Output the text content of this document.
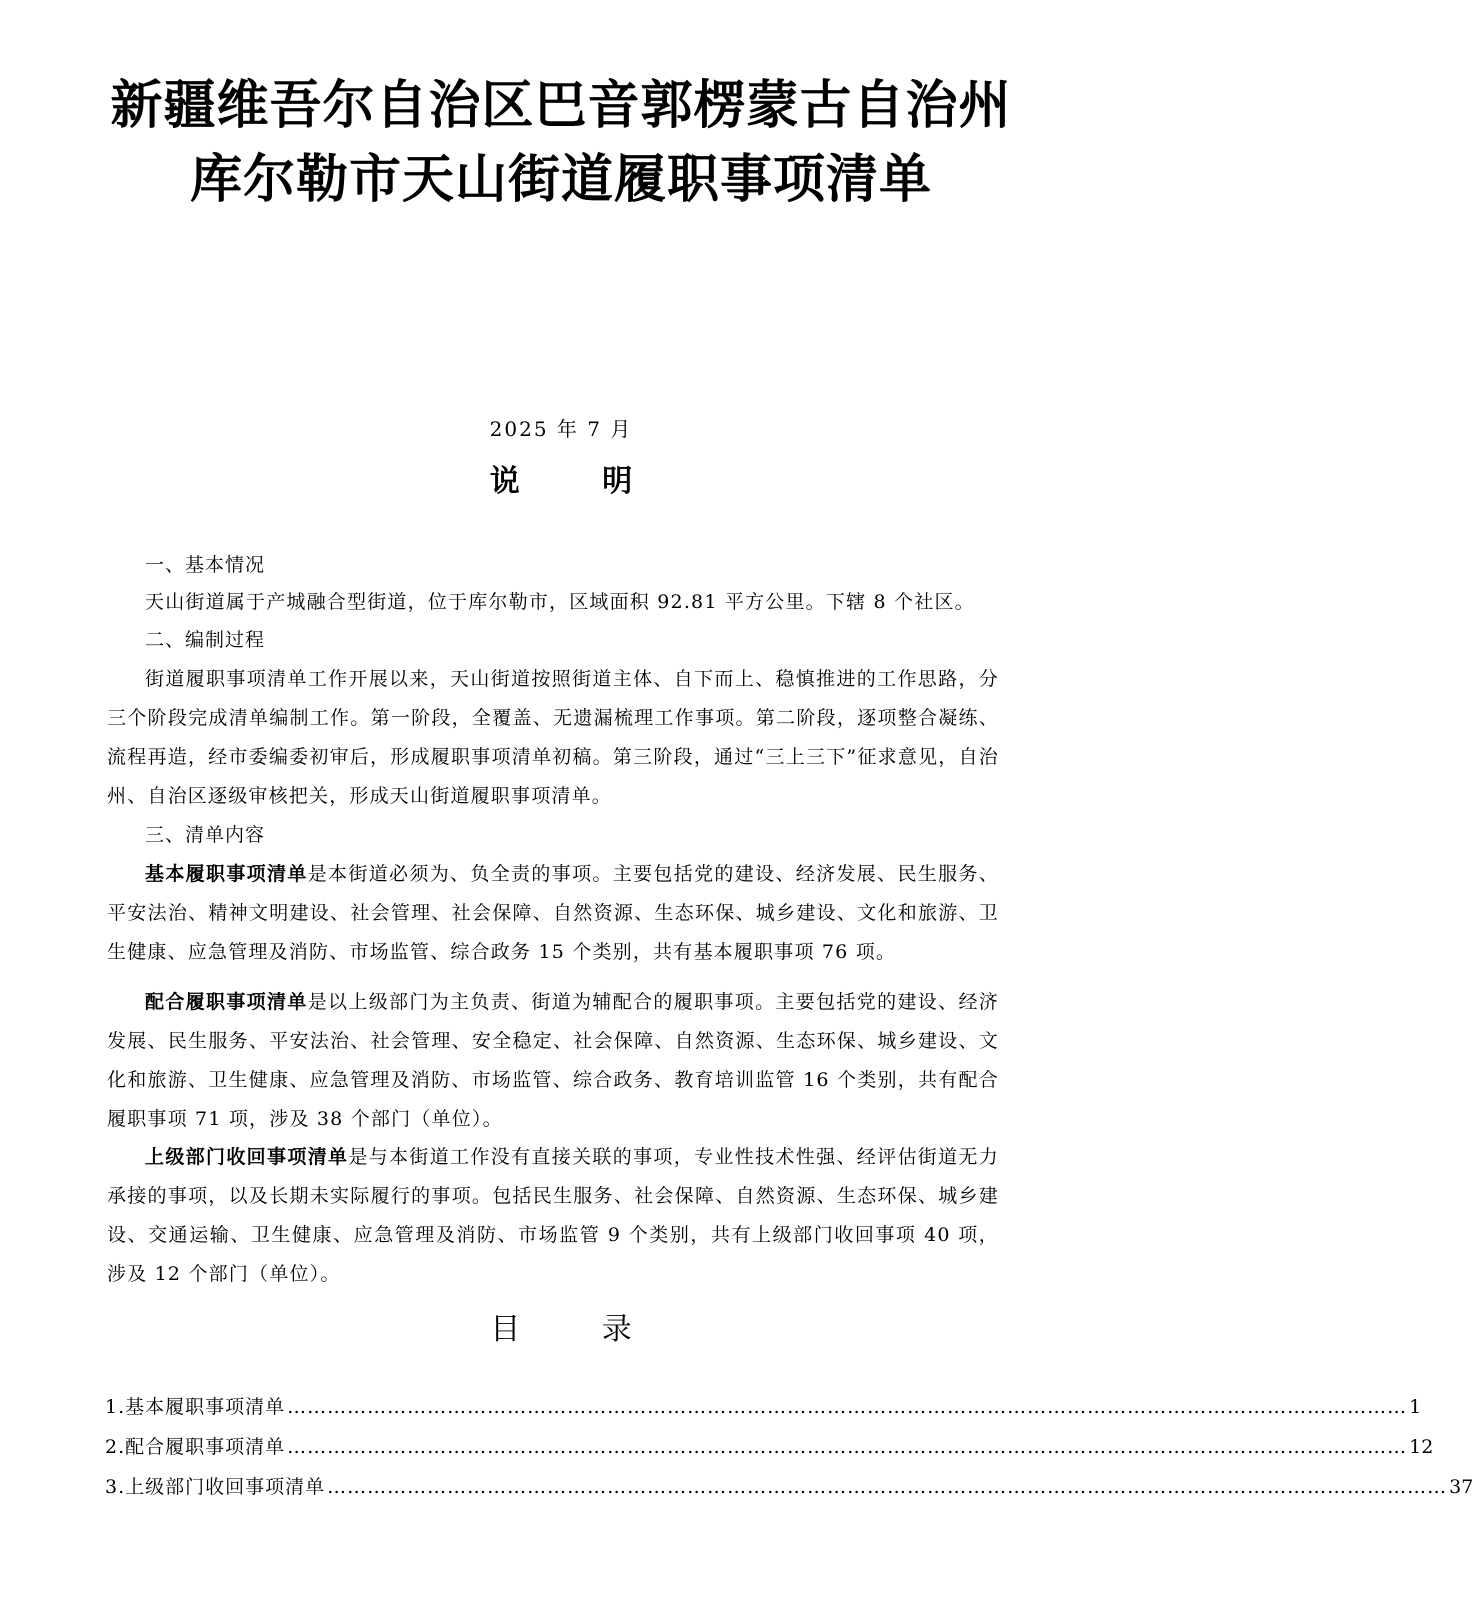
新疆维吾尔自治区巴音郭楞蒙古自治州
库尔勒市天山街道履职事项清单
2025 年 7 月
说 明
一、基本情况
天山街道属于产城融合型街道，位于库尔勒市，区域面积 92.81 平方公里。下辖 8 个社区。
二、编制过程
街道履职事项清单工作开展以来，天山街道按照街道主体、自下而上、稳慎推进的工作思路，分三个阶段完成清单编制工作。第一阶段，全覆盖、无遗漏梳理工作事项。第二阶段，逐项整合凝练、流程再造，经市委编委初审后，形成履职事项清单初稿。第三阶段，通过“三上三下”征求意见，自治州、自治区逐级审核把关，形成天山街道履职事项清单。
三、清单内容
基本履职事项清单是本街道必须为、负全责的事项。主要包括党的建设、经济发展、民生服务、平安法治、精神文明建设、社会管理、社会保障、自然资源、生态环保、城乡建设、文化和旅游、卫生健康、应急管理及消防、市场监管、综合政务 15 个类别，共有基本履职事项 76 项。
配合履职事项清单是以上级部门为主负责、街道为辅配合的履职事项。主要包括党的建设、经济发展、民生服务、平安法治、社会管理、安全稳定、社会保障、自然资源、生态环保、城乡建设、文化和旅游、卫生健康、应急管理及消防、市场监管、综合政务、教育培训监管 16 个类别，共有配合履职事项 71 项，涉及 38 个部门（单位）。
上级部门收回事项清单是与本街道工作没有直接关联的事项，专业性技术性强、经评估街道无力承接的事项，以及长期未实际履行的事项。包括民生服务、社会保障、自然资源、生态环保、城乡建设、交通运输、卫生健康、应急管理及消防、市场监管 9 个类别，共有上级部门收回事项 40 项，涉及 12 个部门（单位）。
目 录
1.基本履职事项清单 …………………………………………………………………………………………………………………………………………………… 1
2.配合履职事项清单 …………………………………………………………………………………………………………………………………………………… 12
3.上级部门收回事项清单 …………………………………………………………………………………………………………………………………………………… 37
